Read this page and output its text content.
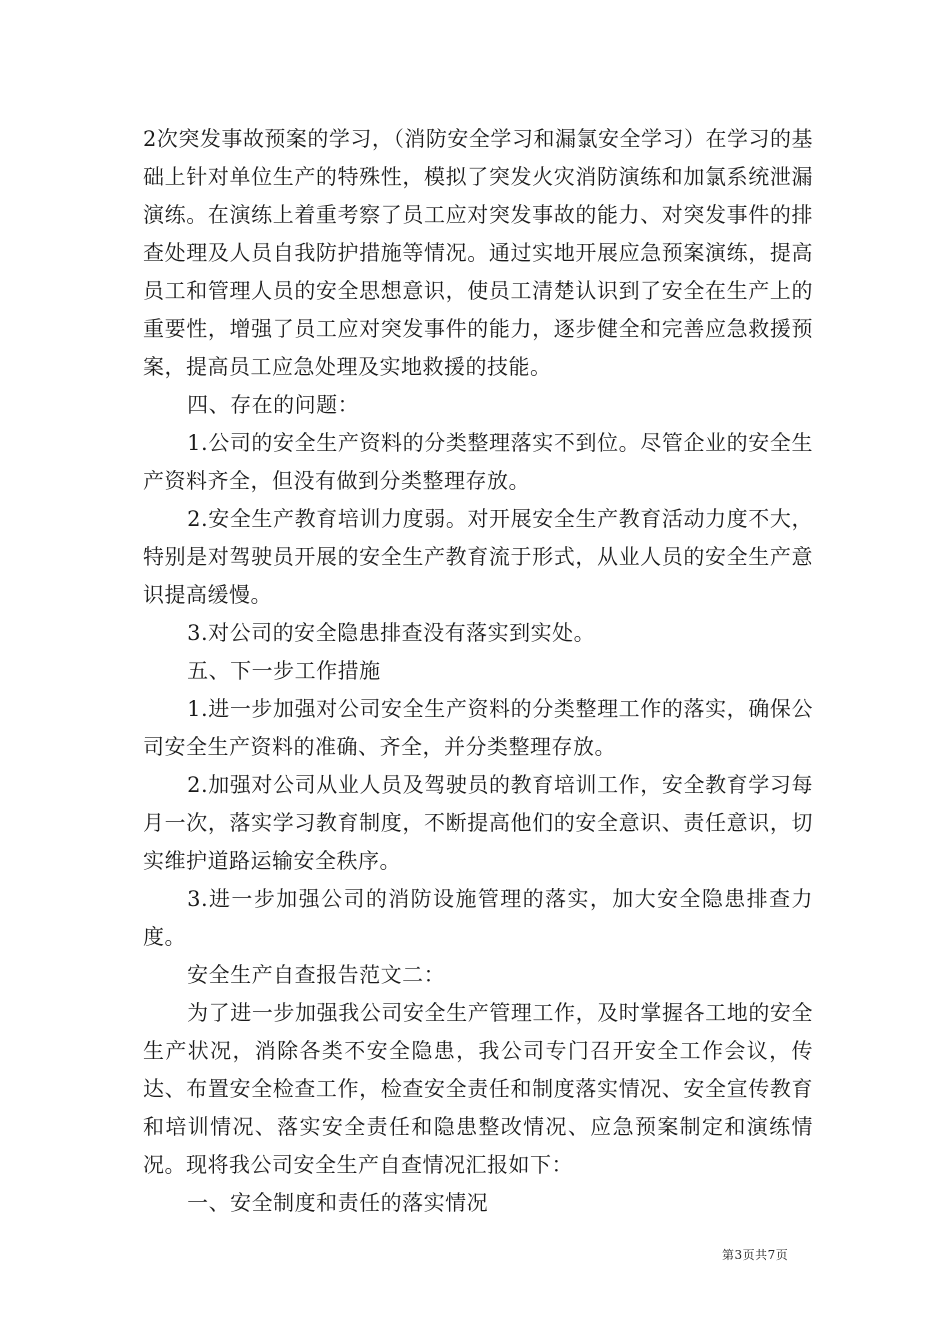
2次突发事故预案的学习，（消防安全学习和漏氯安全学习）在学习的基础上针对单位生产的特殊性，模拟了突发火灾消防演练和加氯系统泄漏演练。在演练上着重考察了员工应对突发事故的能力、对突发事件的排查处理及人员自我防护措施等情况。通过实地开展应急预案演练，提高员工和管理人员的安全思想意识，使员工清楚认识到了安全在生产上的重要性，增强了员工应对突发事件的能力，逐步健全和完善应急救援预案，提高员工应急处理及实地救援的技能。

四、存在的问题：

1.公司的安全生产资料的分类整理落实不到位。尽管企业的安全生产资料齐全，但没有做到分类整理存放。

2.安全生产教育培训力度弱。对开展安全生产教育活动力度不大，特别是对驾驶员开展的安全生产教育流于形式，从业人员的安全生产意识提高缓慢。

3.对公司的安全隐患排查没有落实到实处。

五、下一步工作措施

1.进一步加强对公司安全生产资料的分类整理工作的落实，确保公司安全生产资料的准确、齐全，并分类整理存放。

2.加强对公司从业人员及驾驶员的教育培训工作，安全教育学习每月一次，落实学习教育制度，不断提高他们的安全意识、责任意识，切实维护道路运输安全秩序。

3.进一步加强公司的消防设施管理的落实，加大安全隐患排查力度。

安全生产自查报告范文二：

为了进一步加强我公司安全生产管理工作，及时掌握各工地的安全生产状况，消除各类不安全隐患，我公司专门召开安全工作会议，传达、布置安全检查工作，检查安全责任和制度落实情况、安全宣传教育和培训情况、落实安全责任和隐患整改情况、应急预案制定和演练情况。现将我公司安全生产自查情况汇报如下：

一、安全制度和责任的落实情况

第3页共7页
